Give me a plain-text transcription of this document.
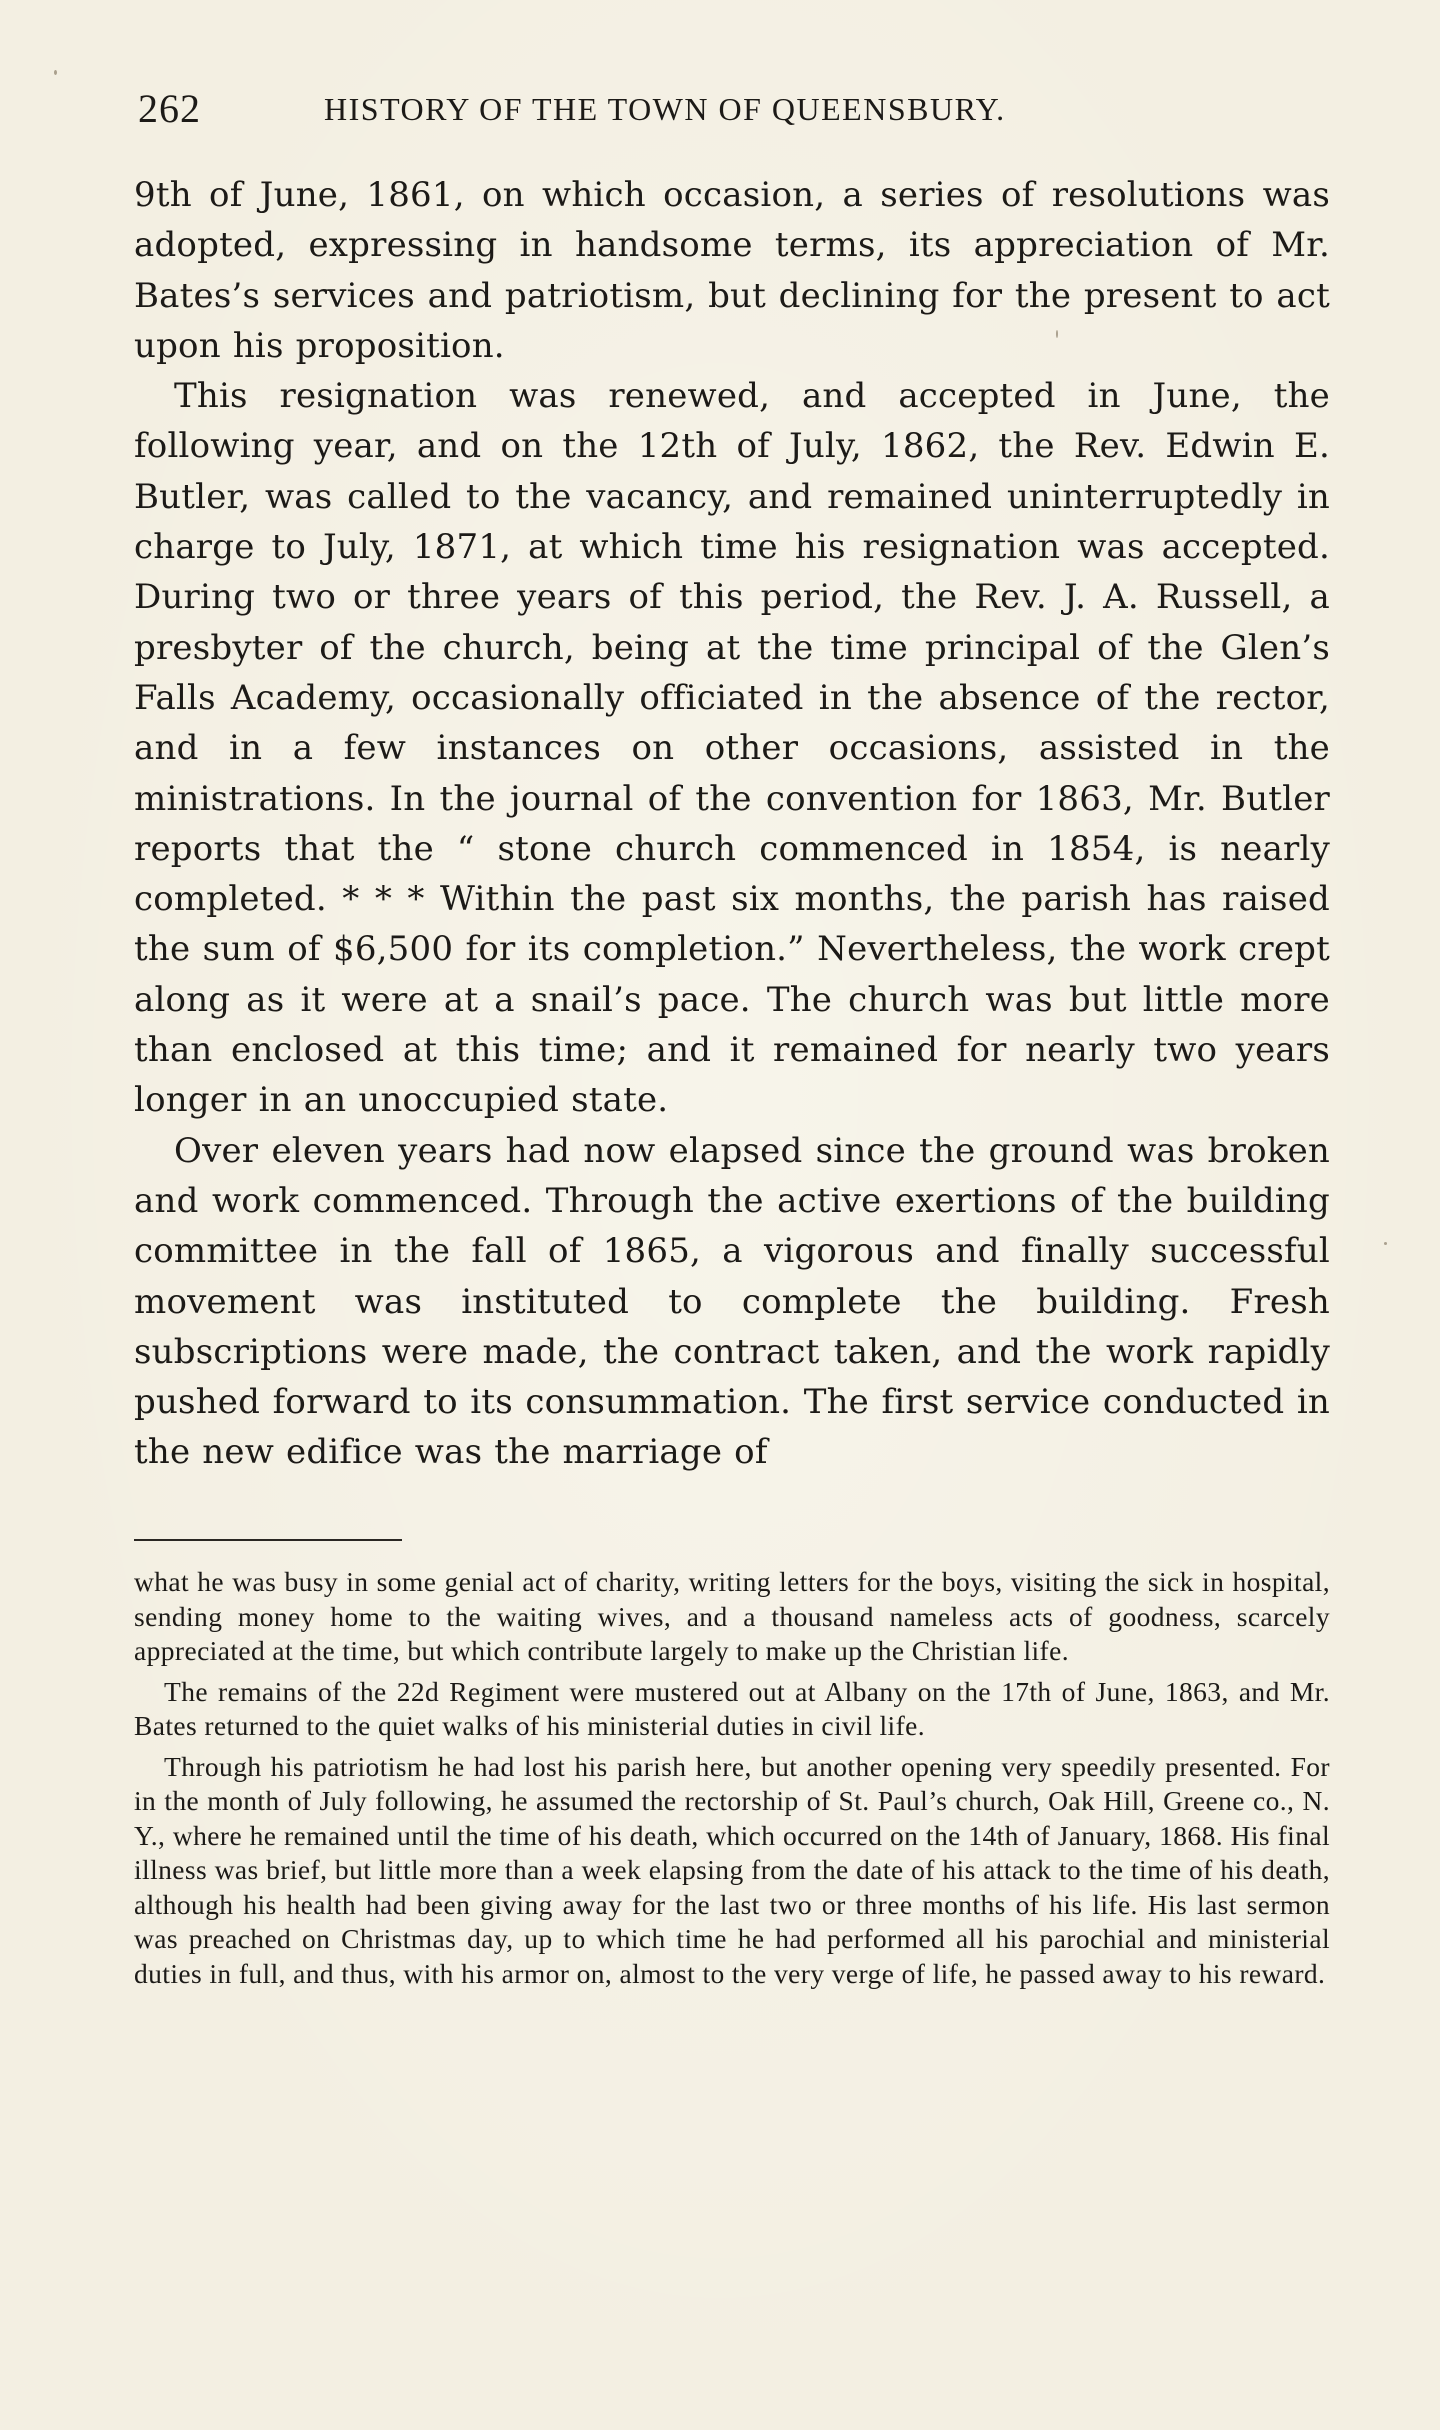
262	HISTORY OF THE TOWN OF QUEENSBURY.

9th of June, 1861, on which occasion, a series of resolutions was adopted, expressing in handsome terms, its appreciation of Mr. Bates’s services and patriotism, but declining for the present to act upon his proposition.

This resignation was renewed, and accepted in June, the following year, and on the 12th of July, 1862, the Rev. Edwin E. Butler, was called to the vacancy, and remained uninterruptedly in charge to July, 1871, at which time his resignation was accepted. During two or three years of this period, the Rev. J. A. Russell, a presbyter of the church, being at the time principal of the Glen’s Falls Academy, occasionally officiated in the absence of the rector, and in a few instances on other occasions, assisted in the ministrations. In the journal of the convention for 1863, Mr. Butler reports that the “ stone church commenced in 1854, is nearly completed. * * * Within the past six months, the parish has raised the sum of $6,500 for its completion.” Nevertheless, the work crept along as it were at a snail’s pace. The church was but little more than enclosed at this time; and it remained for nearly two years longer in an unoccupied state.

Over eleven years had now elapsed since the ground was broken and work commenced. Through the active exertions of the building committee in the fall of 1865, a vigorous and finally successful movement was instituted to complete the building. Fresh subscriptions were made, the contract taken, and the work rapidly pushed forward to its consummation. The first service conducted in the new edifice was the marriage of

what he was busy in some genial act of charity, writing letters for the boys, visiting the sick in hospital, sending money home to the waiting wives, and a thousand nameless acts of goodness, scarcely appreciated at the time, but which contribute largely to make up the Christian life.

The remains of the 22d Regiment were mustered out at Albany on the 17th of June, 1863, and Mr. Bates returned to the quiet walks of his ministerial duties in civil life.

Through his patriotism he had lost his parish here, but another opening very speedily presented. For in the month of July following, he assumed the rectorship of St. Paul’s church, Oak Hill, Greene co., N. Y., where he remained until the time of his death, which occurred on the 14th of January, 1868. His final illness was brief, but little more than a week elapsing from the date of his attack to the time of his death, although his health had been giving away for the last two or three months of his life. His last sermon was preached on Christmas day, up to which time he had performed all his parochial and ministerial duties in full, and thus, with his armor on, almost to the very verge of life, he passed away to his reward.
